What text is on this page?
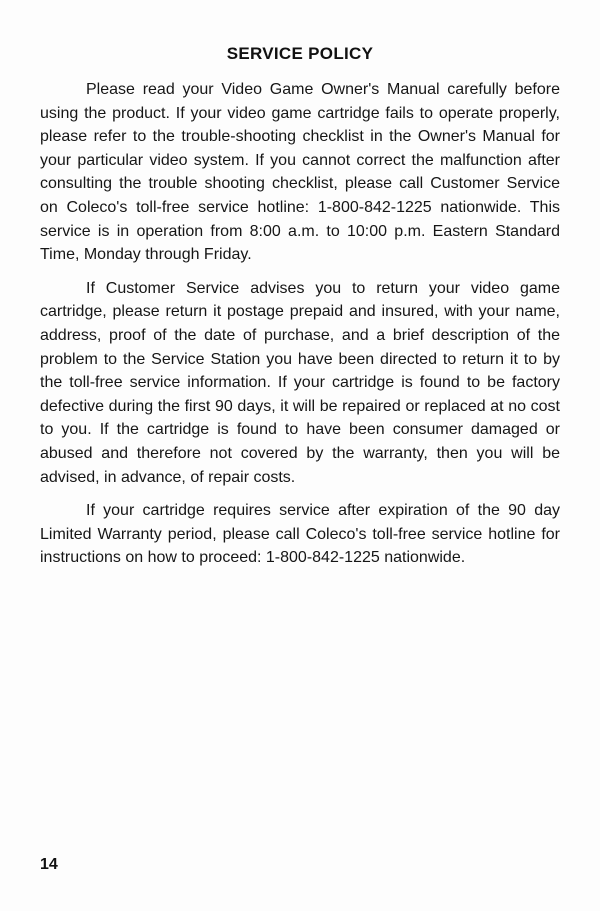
SERVICE POLICY

Please read your Video Game Owner's Manual carefully before using the product. If your video game cartridge fails to operate properly, please refer to the trouble-shooting checklist in the Owner's Manual for your particular video system. If you cannot correct the malfunction after consulting the trouble shooting checklist, please call Customer Service on Coleco's toll-free service hotline: 1-800-842-1225 nationwide. This service is in operation from 8:00 a.m. to 10:00 p.m. Eastern Standard Time, Monday through Friday.

If Customer Service advises you to return your video game cartridge, please return it postage prepaid and insured, with your name, address, proof of the date of purchase, and a brief description of the problem to the Service Station you have been directed to return it to by the toll-free service information. If your cartridge is found to be factory defective during the first 90 days, it will be repaired or replaced at no cost to you. If the cartridge is found to have been consumer damaged or abused and therefore not covered by the warranty, then you will be advised, in advance, of repair costs.

If your cartridge requires service after expiration of the 90 day Limited Warranty period, please call Coleco's toll-free service hotline for instructions on how to proceed: 1-800-842-1225 nationwide.

14
